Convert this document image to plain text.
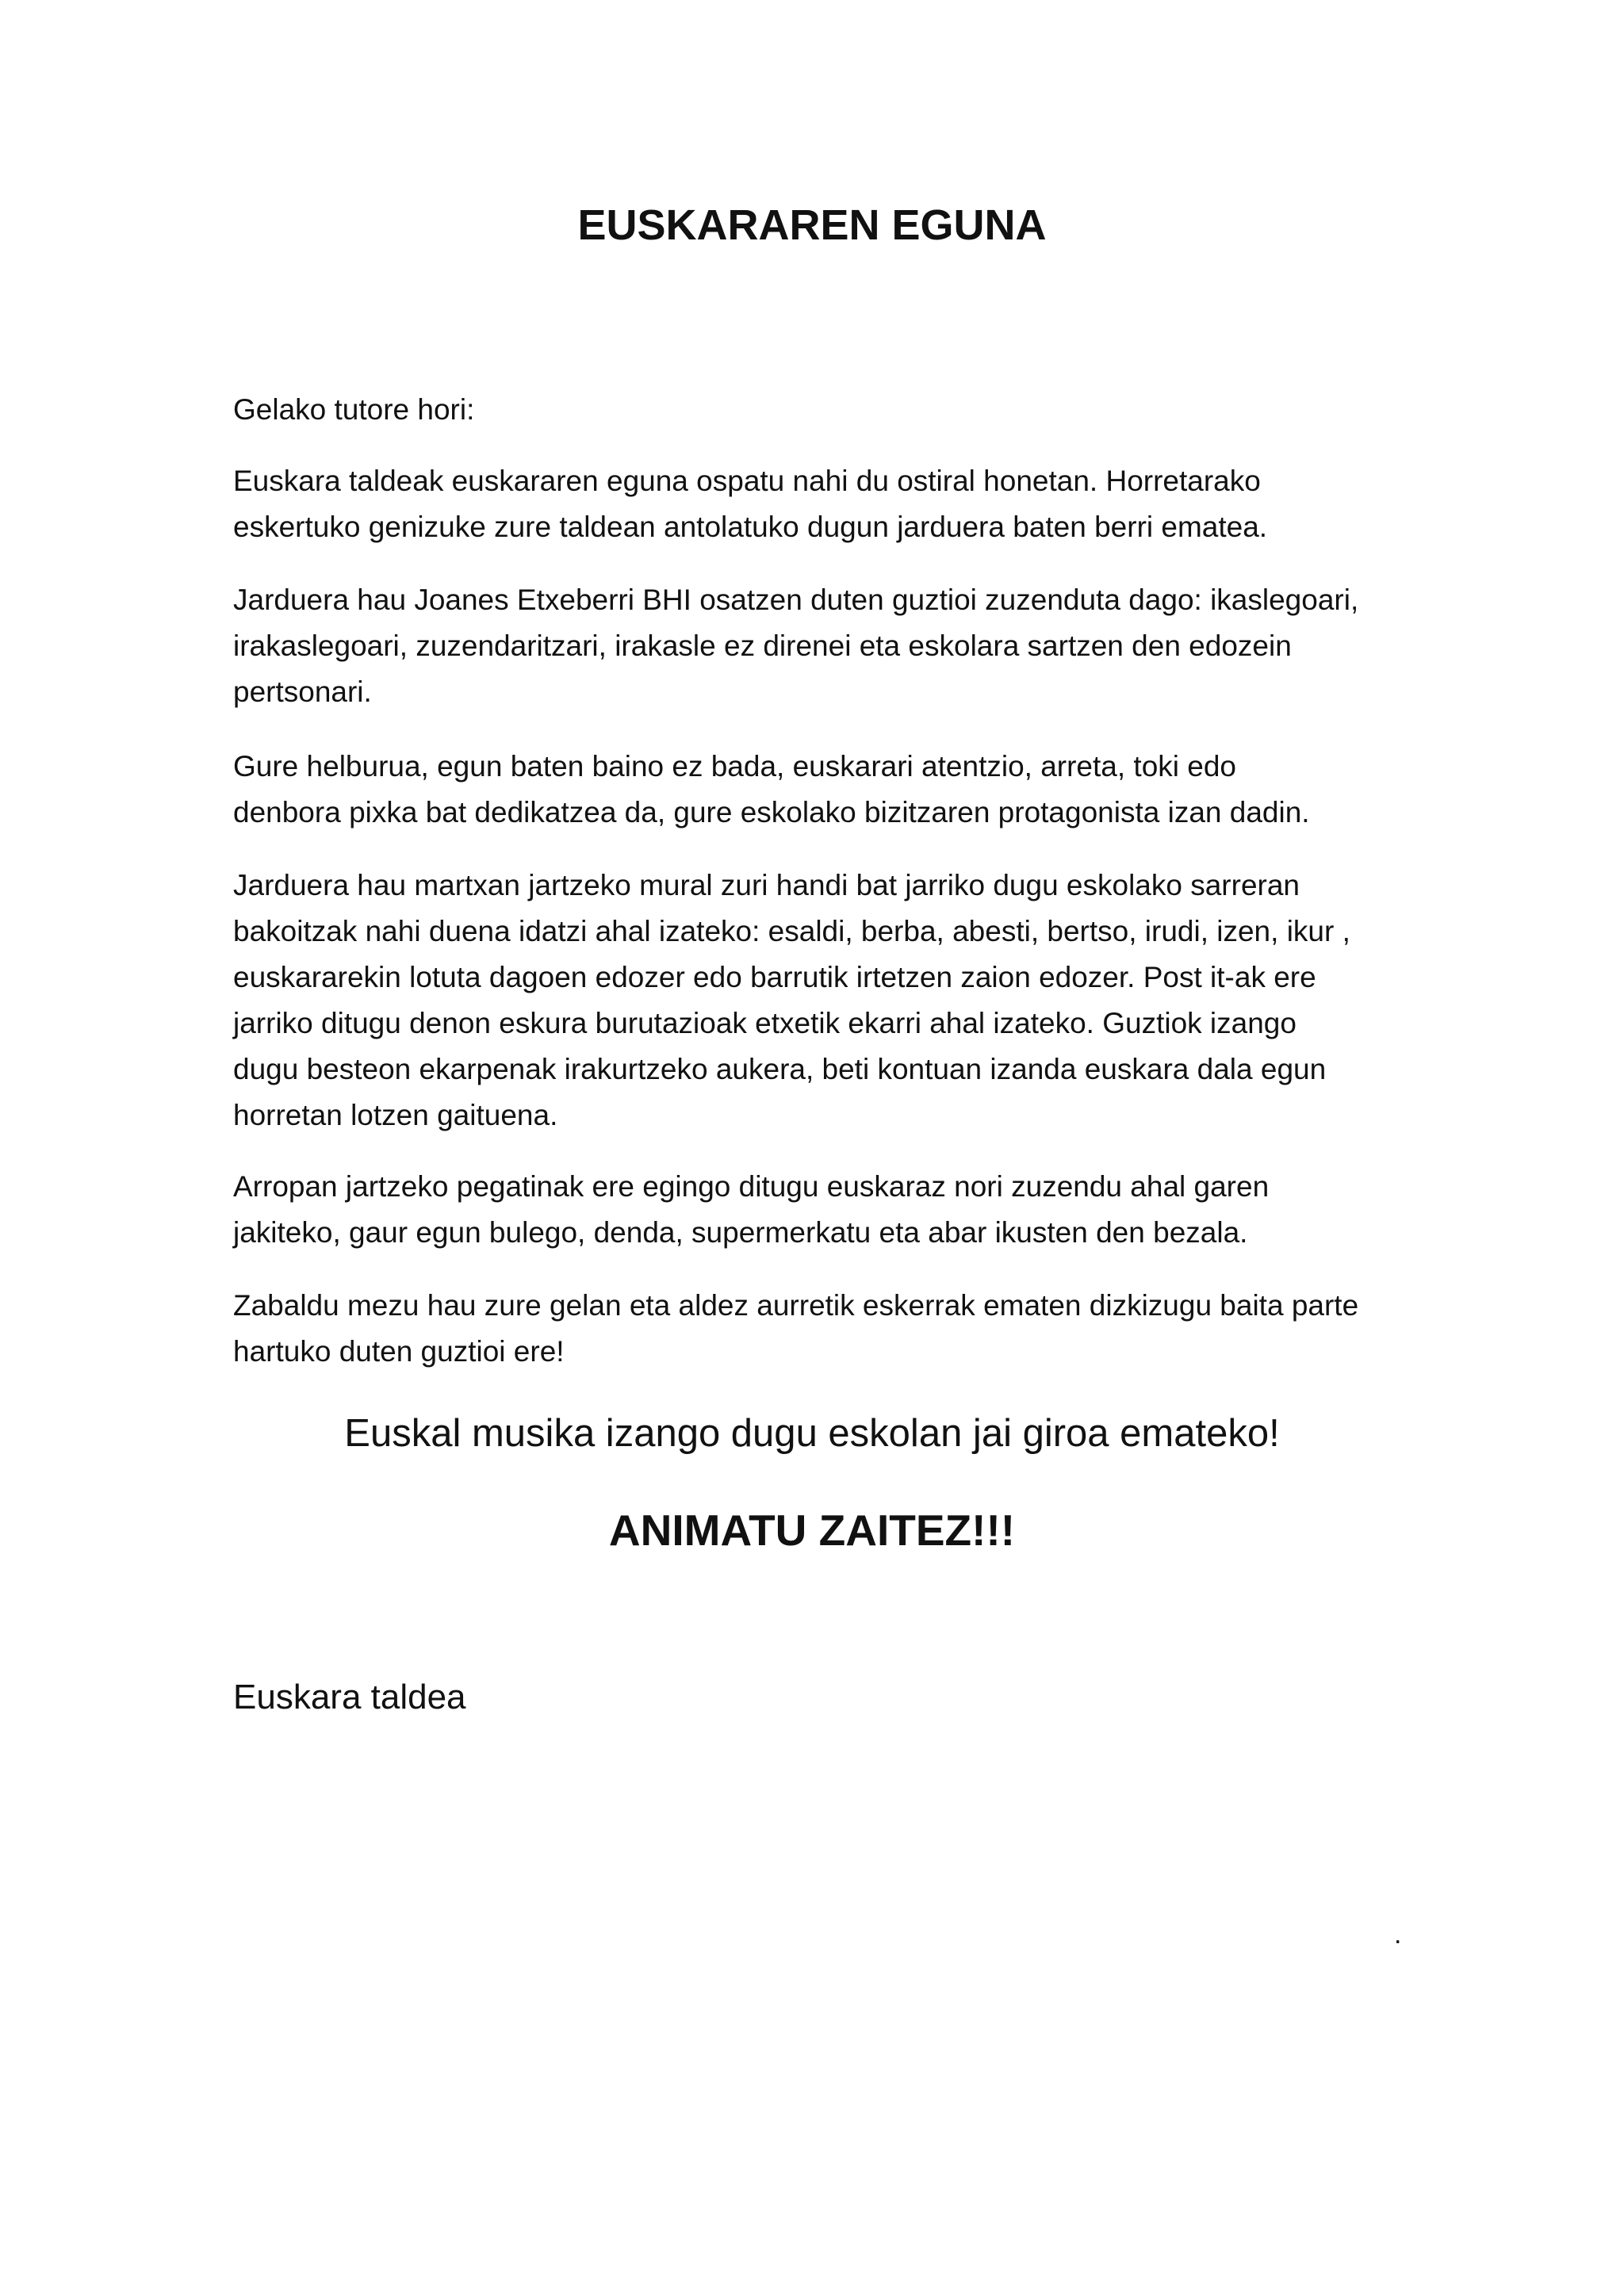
EUSKARAREN EGUNA

Gelako tutore hori:

Euskara taldeak euskararen eguna ospatu nahi du ostiral honetan. Horretarako
eskertuko genizuke zure taldean antolatuko dugun jarduera baten berri ematea.

Jarduera hau Joanes Etxeberri BHI osatzen duten guztioi zuzenduta dago: ikaslegoari,
irakaslegoari, zuzendaritzari, irakasle ez direnei eta eskolara sartzen den edozein
pertsonari.

Gure helburua, egun baten baino ez bada, euskarari atentzio, arreta, toki edo
denbora pixka bat dedikatzea da, gure eskolako bizitzaren protagonista izan dadin.

Jarduera hau martxan jartzeko mural zuri handi bat jarriko dugu eskolako sarreran
bakoitzak nahi duena idatzi ahal izateko: esaldi, berba, abesti, bertso, irudi, izen, ikur ,
euskararekin lotuta dagoen edozer edo barrutik irtetzen zaion edozer. Post it-ak ere
jarriko ditugu denon eskura burutazioak etxetik ekarri ahal izateko. Guztiok izango
dugu besteon ekarpenak irakurtzeko aukera, beti kontuan izanda euskara dala egun
horretan lotzen gaituena.

Arropan jartzeko pegatinak ere egingo ditugu euskaraz nori zuzendu ahal garen
jakiteko, gaur egun bulego, denda, supermerkatu eta abar ikusten den bezala.

Zabaldu mezu hau zure gelan eta aldez aurretik eskerrak ematen dizkizugu baita parte
hartuko duten guztioi ere!

Euskal musika izango dugu eskolan jai giroa emateko!

ANIMATU ZAITEZ!!!

Euskara taldea

.
